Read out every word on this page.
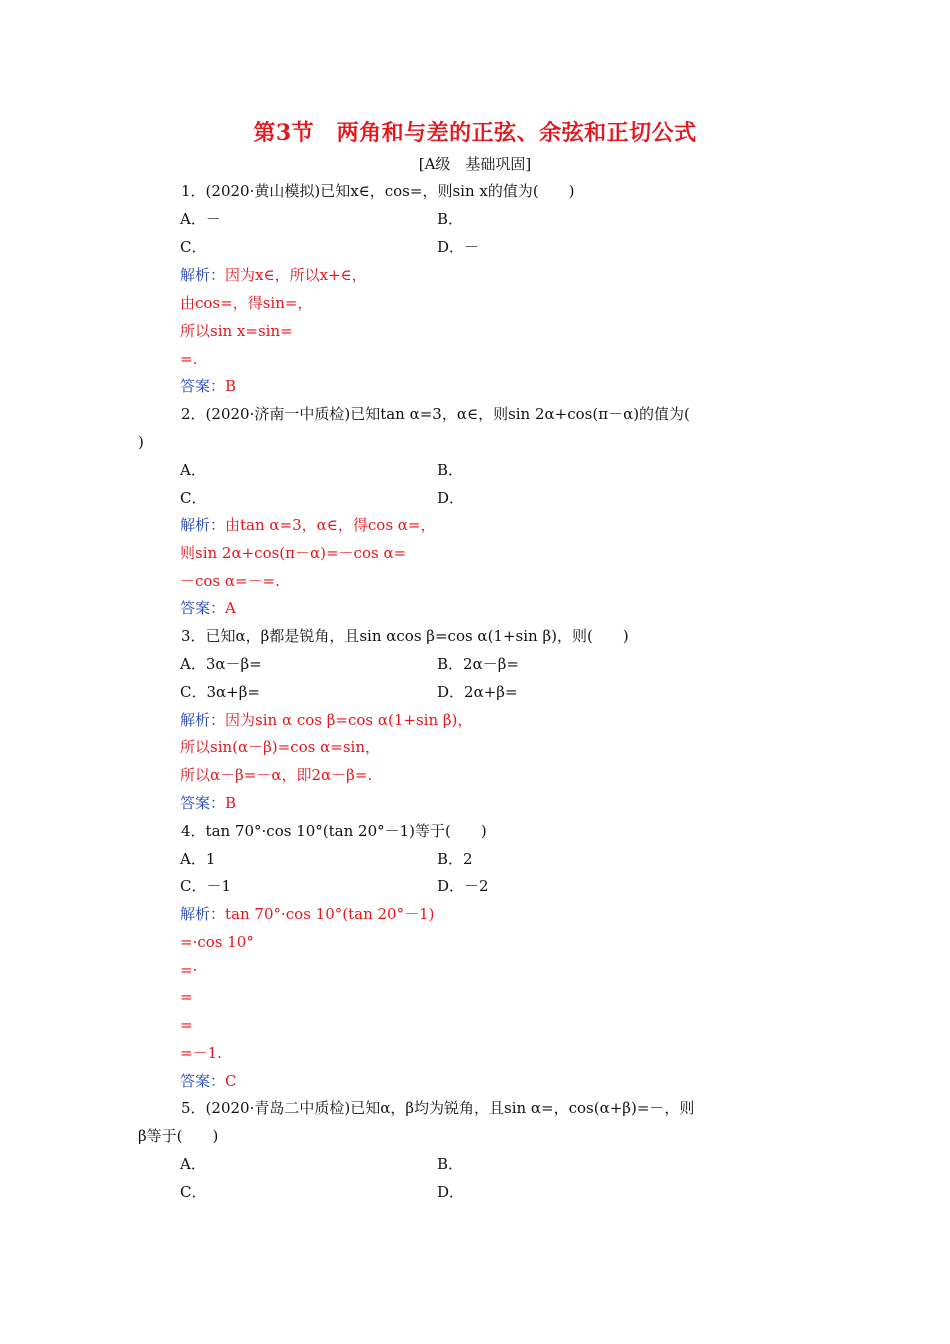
第3节　两角和与差的正弦、余弦和正切公式
[A级　基础巩固]
1．(2020·黄山模拟)已知x∈，cos=，则sin x的值为(　　)
A．－	B．
C．	D．－
解析：因为x∈，所以x+∈，
由cos=，得sin=，
所以sin x=sin=
=.
答案：B
2．(2020·济南一中质检)已知tan α=3，α∈，则sin 2α+cos(π－α)的值为(
)
A．	B．
C．	D．
解析：由tan α=3，α∈，得cos α=，
则sin 2α+cos(π－α)=－cos α=
－cos α=－=.
答案：A
3．已知α，β都是锐角，且sin αcos β=cos α(1+sin β)，则(　　)
A．3α－β=	B．2α－β=
C．3α+β=	D．2α+β=
解析：因为sin α cos β=cos α(1+sin β)，
所以sin(α－β)=cos α=sin，
所以α－β=－α，即2α－β=.
答案：B
4．tan 70°·cos 10°(tan 20°－1)等于(　　)
A．1	B．2
C．－1	D．－2
解析：tan 70°·cos 10°(tan 20°－1)
=·cos 10°
=·
=
=
=－1.
答案：C
5．(2020·青岛二中质检)已知α，β均为锐角，且sin α=，cos(α+β)=－，则
β等于(　　)
A．	B．
C．	D．
